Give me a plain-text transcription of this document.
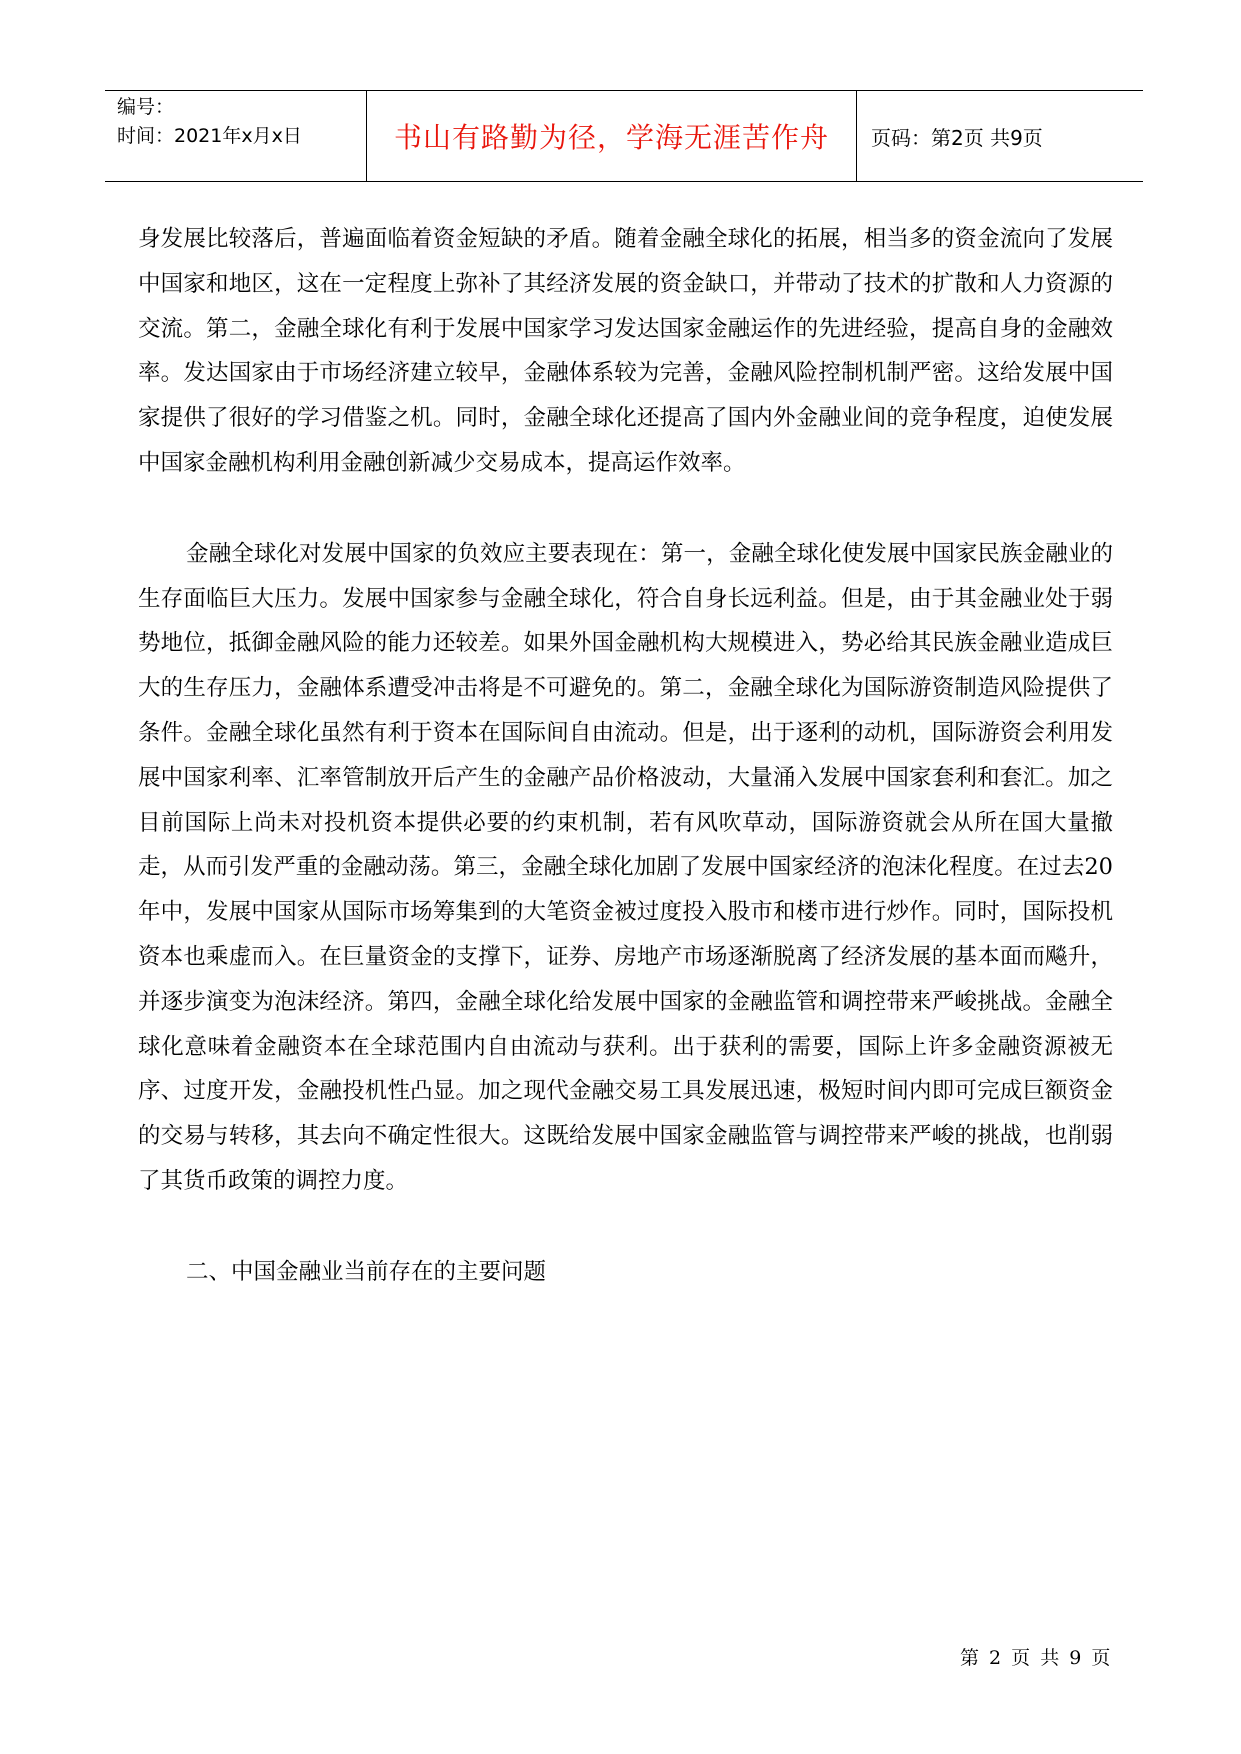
编号：
时间：2021年x月x日	书山有路勤为径，学海无涯苦作舟	页码：第2页 共9页

身发展比较落后，普遍面临着资金短缺的矛盾。随着金融全球化的拓展，相当多的资金流向了发展中国家和地区，这在一定程度上弥补了其经济发展的资金缺口，并带动了技术的扩散和人力资源的交流。第二，金融全球化有利于发展中国家学习发达国家金融运作的先进经验，提高自身的金融效率。发达国家由于市场经济建立较早，金融体系较为完善，金融风险控制机制严密。这给发展中国家提供了很好的学习借鉴之机。同时，金融全球化还提高了国内外金融业间的竞争程度，迫使发展中国家金融机构利用金融创新减少交易成本，提高运作效率。

金融全球化对发展中国家的负效应主要表现在：第一，金融全球化使发展中国家民族金融业的生存面临巨大压力。发展中国家参与金融全球化，符合自身长远利益。但是，由于其金融业处于弱势地位，抵御金融风险的能力还较差。如果外国金融机构大规模进入，势必给其民族金融业造成巨大的生存压力，金融体系遭受冲击将是不可避免的。第二，金融全球化为国际游资制造风险提供了条件。金融全球化虽然有利于资本在国际间自由流动。但是，出于逐利的动机，国际游资会利用发展中国家利率、汇率管制放开后产生的金融产品价格波动，大量涌入发展中国家套利和套汇。加之目前国际上尚未对投机资本提供必要的约束机制，若有风吹草动，国际游资就会从所在国大量撤走，从而引发严重的金融动荡。第三，金融全球化加剧了发展中国家经济的泡沫化程度。在过去20年中，发展中国家从国际市场筹集到的大笔资金被过度投入股市和楼市进行炒作。同时，国际投机资本也乘虚而入。在巨量资金的支撑下，证券、房地产市场逐渐脱离了经济发展的基本面而飚升，并逐步演变为泡沫经济。第四，金融全球化给发展中国家的金融监管和调控带来严峻挑战。金融全球化意味着金融资本在全球范围内自由流动与获利。出于获利的需要，国际上许多金融资源被无序、过度开发，金融投机性凸显。加之现代金融交易工具发展迅速，极短时间内即可完成巨额资金的交易与转移，其去向不确定性很大。这既给发展中国家金融监管与调控带来严峻的挑战，也削弱了其货币政策的调控力度。

二、中国金融业当前存在的主要问题

第 2 页 共 9 页
